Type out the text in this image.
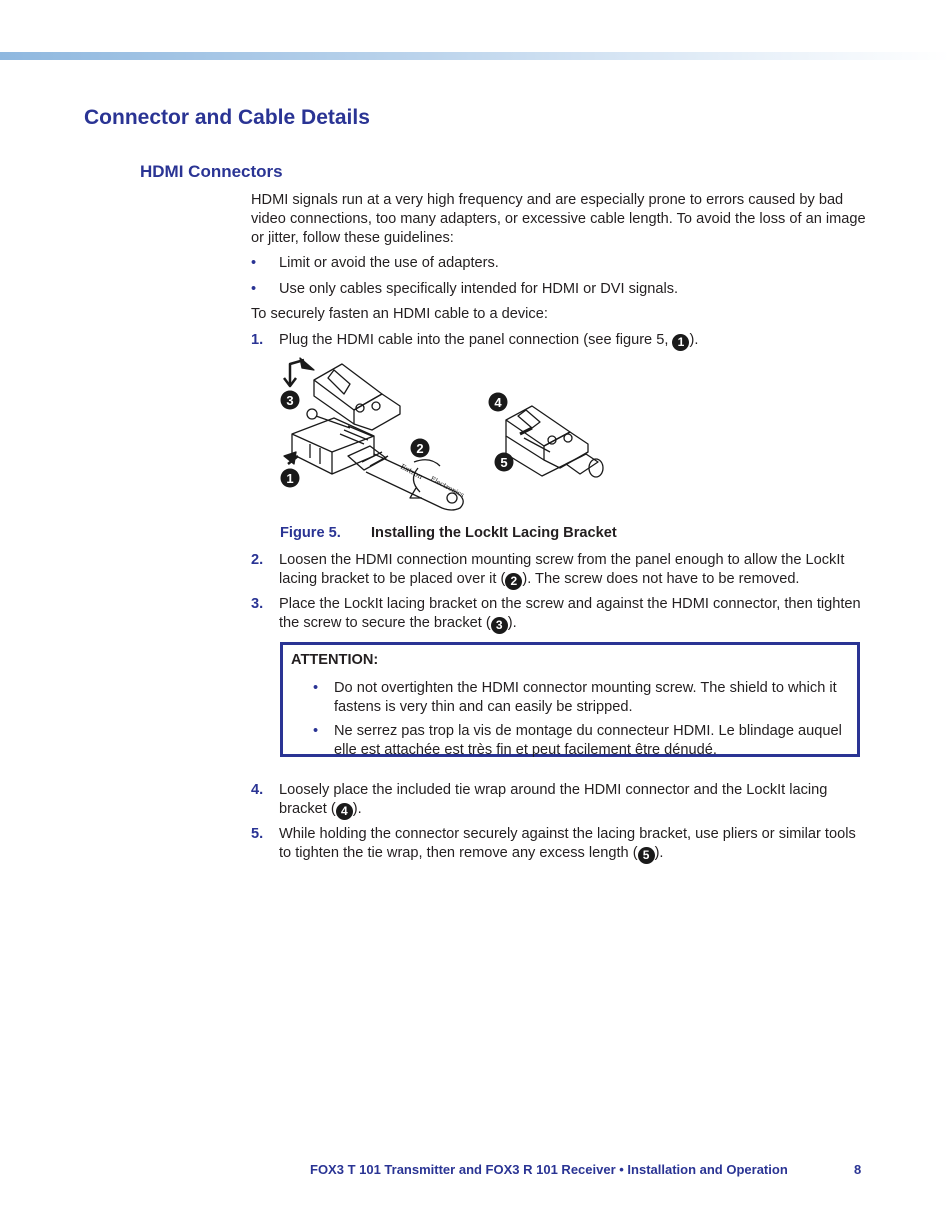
Connector and Cable Details
HDMI Connectors

HDMI signals run at a very high frequency and are especially prone to errors caused by bad video connections, too many adapters, or excessive cable length. To avoid the loss of an image or jitter, follow these guidelines:

• Limit or avoid the use of adapters.
• Use only cables specifically intended for HDMI or DVI signals.

To securely fasten an HDMI cable to a device:

1. Plug the HDMI cable into the panel connection (see figure 5, 1 ).
Extron
Electronics
1
2
3	4
5
Figure 5. Installing the LockIt Lacing Bracket
2. Loosen the HDMI connection mounting screw from the panel enough to allow the LockIt lacing bracket to be placed over it ( 2 ). The screw does not have to be removed.
3. Place the LockIt lacing bracket on the screw and against the HDMI connector, then tighten the screw to secure the bracket ( 3 ).
ATTENTION:
• Do not overtighten the HDMI connector mounting screw. The shield to which it fastens is very thin and can easily be stripped.
• Ne serrez pas trop la vis de montage du connecteur HDMI. Le blindage auquel elle est attachée est très fin et peut facilement être dénudé.
4. Loosely place the included tie wrap around the HDMI connector and the LockIt lacing bracket ( 4 ).
5. While holding the connector securely against the lacing bracket, use pliers or similar tools to tighten the tie wrap, then remove any excess length ( 5 ).
FOX3 T 101 Transmitter and FOX3 R 101 Receiver • Installation and Operation	8
